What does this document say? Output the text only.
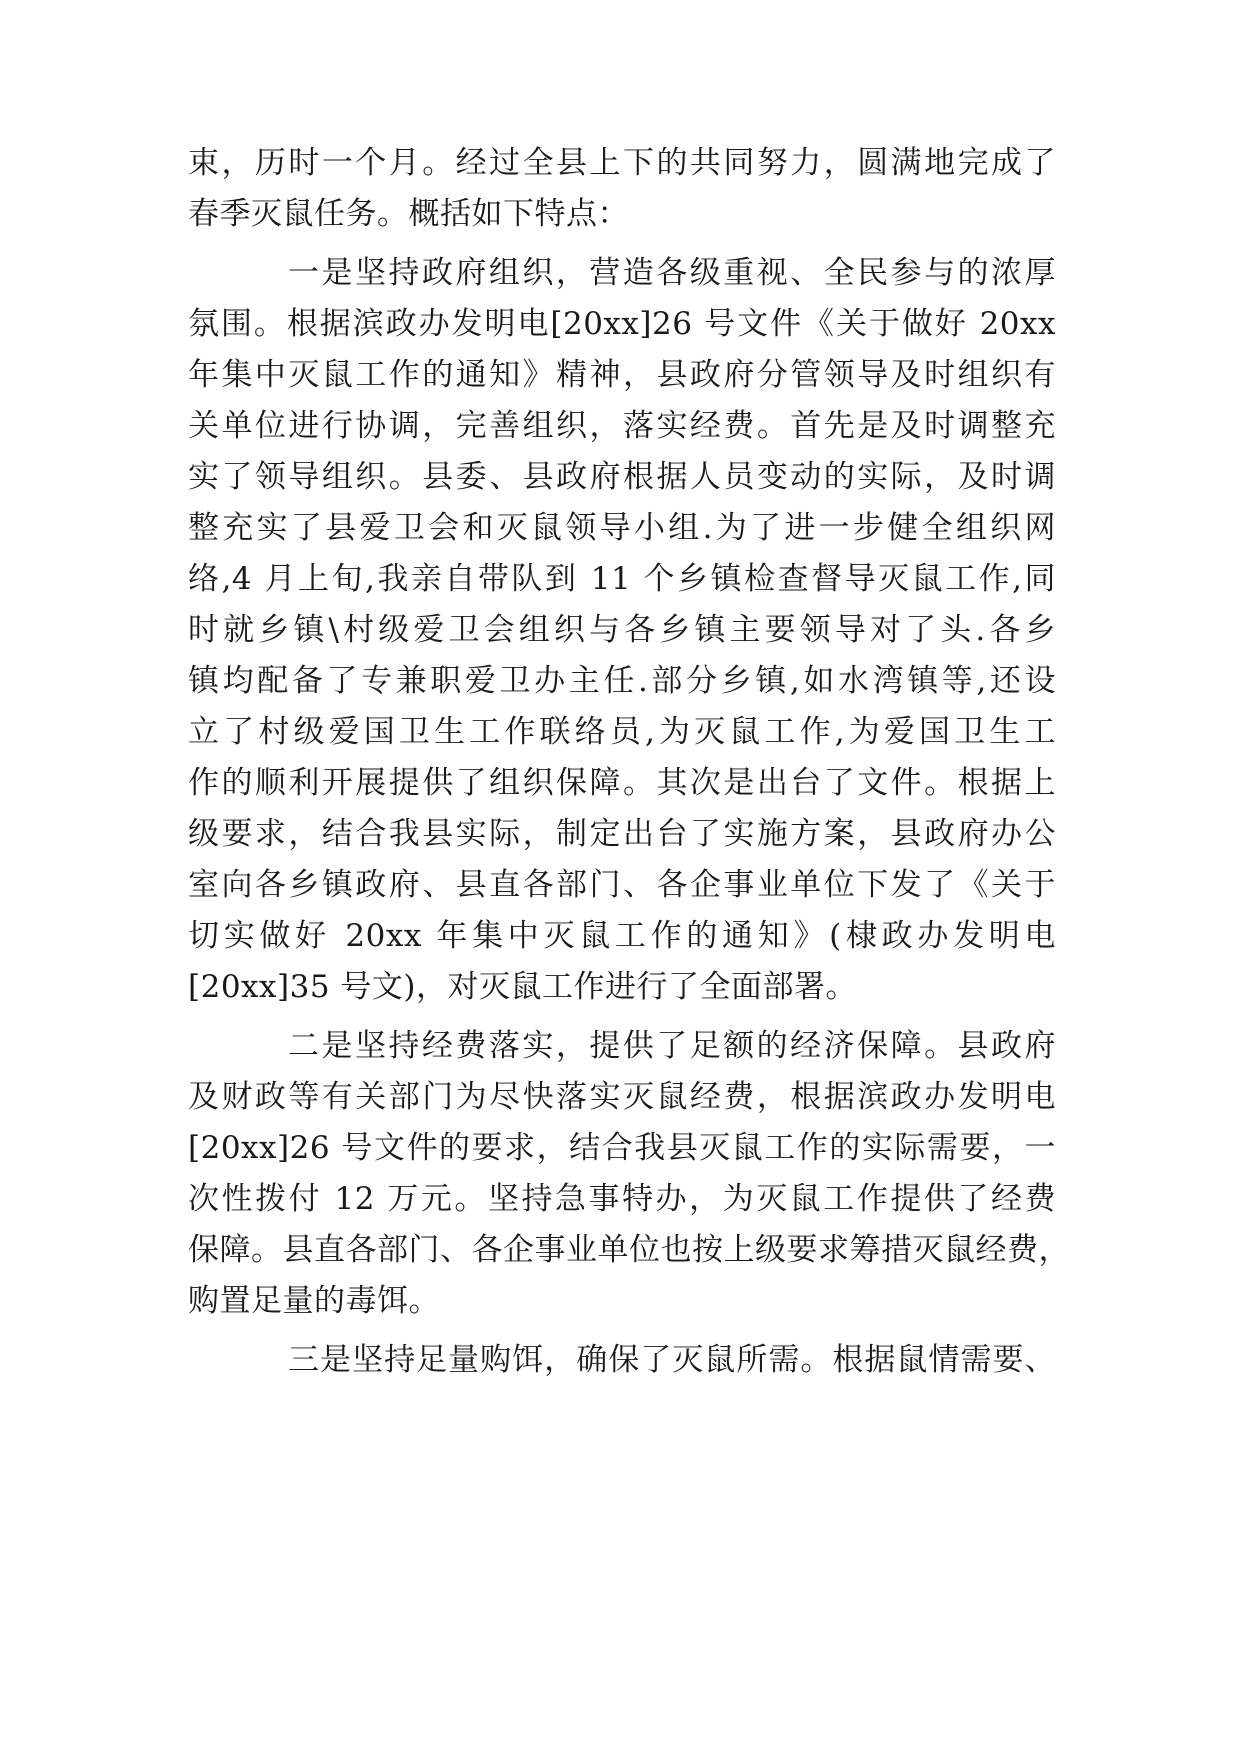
束，历时一个月。经过全县上下的共同努力，圆满地完成了

春季灭鼠任务。概括如下特点：

一是坚持政府组织，营造各级重视、全民参与的浓厚

氛围。根据滨政办发明电[20xx]26 号文件《关于做好 20xx

年集中灭鼠工作的通知》精神，县政府分管领导及时组织有

关单位进行协调，完善组织，落实经费。首先是及时调整充

实了领导组织。县委、县政府根据人员变动的实际，及时调

整充实了县爱卫会和灭鼠领导小组.为了进一步健全组织网

络,4 月上旬,我亲自带队到 11 个乡镇检查督导灭鼠工作,同

时就乡镇\村级爱卫会组织与各乡镇主要领导对了头.各乡

镇均配备了专兼职爱卫办主任.部分乡镇,如水湾镇等,还设

立了村级爱国卫生工作联络员,为灭鼠工作,为爱国卫生工

作的顺利开展提供了组织保障。其次是出台了文件。根据上

级要求，结合我县实际，制定出台了实施方案，县政府办公

室向各乡镇政府、县直各部门、各企事业单位下发了《关于

切实做好 20xx 年集中灭鼠工作的通知》(棣政办发明电

[20xx]35 号文)，对灭鼠工作进行了全面部署。

二是坚持经费落实，提供了足额的经济保障。县政府

及财政等有关部门为尽快落实灭鼠经费，根据滨政办发明电

[20xx]26 号文件的要求，结合我县灭鼠工作的实际需要，一

次性拨付 12 万元。坚持急事特办，为灭鼠工作提供了经费

保障。县直各部门、各企事业单位也按上级要求筹措灭鼠经费，

购置足量的毒饵。

三是坚持足量购饵，确保了灭鼠所需。根据鼠情需要、
